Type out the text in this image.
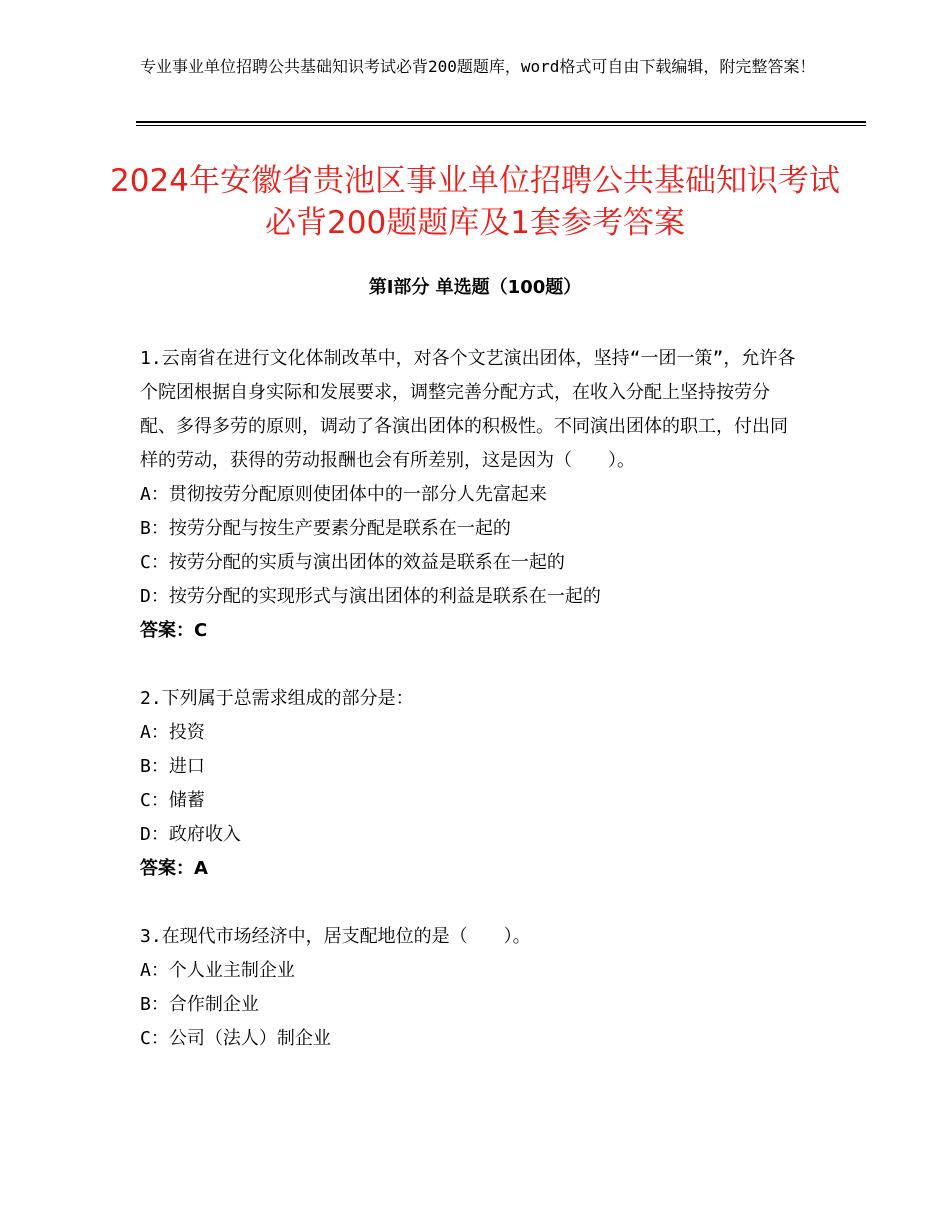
专业事业单位招聘公共基础知识考试必背200题题库，word格式可自由下载编辑，附完整答案！
2024年安徽省贵池区事业单位招聘公共基础知识考试必背200题题库及1套参考答案
第Ⅰ部分 单选题（100题）
1.云南省在进行文化体制改革中，对各个文艺演出团体，坚持“一团一策”，允许各个院团根据自身实际和发展要求，调整完善分配方式，在收入分配上坚持按劳分配、多得多劳的原则，调动了各演出团体的积极性。不同演出团体的职工，付出同样的劳动，获得的劳动报酬也会有所差别，这是因为（　　）。
A：贯彻按劳分配原则使团体中的一部分人先富起来
B：按劳分配与按生产要素分配是联系在一起的
C：按劳分配的实质与演出团体的效益是联系在一起的
D：按劳分配的实现形式与演出团体的利益是联系在一起的
答案：C
2.下列属于总需求组成的部分是：
A：投资
B：进口
C：储蓄
D：政府收入
答案：A
3.在现代市场经济中，居支配地位的是（　　）。
A：个人业主制企业
B：合作制企业
C：公司（法人）制企业
